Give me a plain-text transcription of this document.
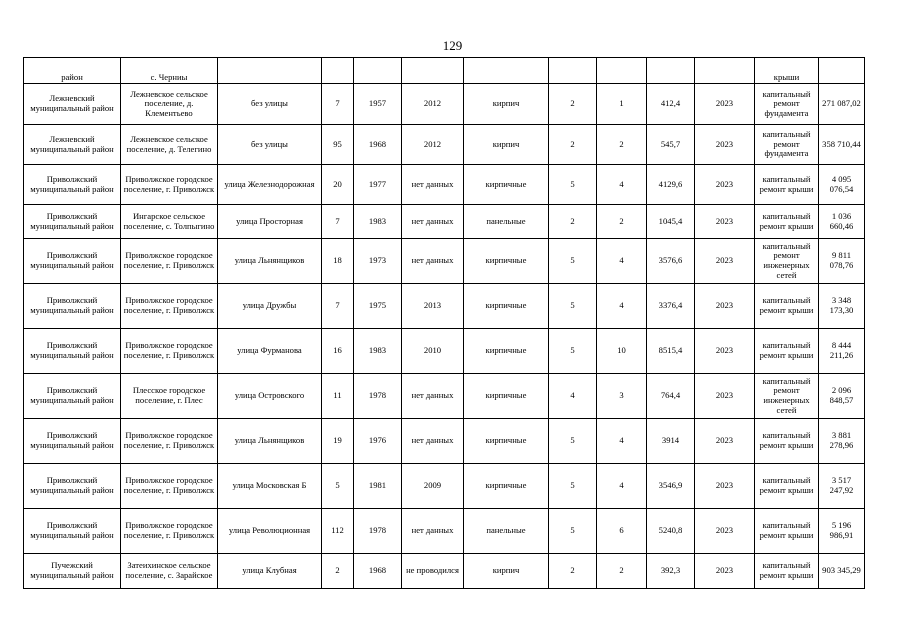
129
район	с. Черниы										крыши	

Лежневский муниципальный район	Лежневское сельское поселение, д. Клементьево	без улицы	7	1957	2012	кирпич	2	1	412,4	2023	капитальный ремонт фундамента	271 087,02

Лежневский муниципальный район	Лежневское сельское поселение, д. Телегино	без улицы	95	1968	2012	кирпич	2	2	545,7	2023	капитальный ремонт фундамента	358 710,44

Приволжский муниципальный район	Приволжское городское поселение, г. Приволжск	улица Железнодорожная	20	1977	нет данных	кирпичные	5	4	4129,6	2023	капитальный ремонт крыши	4 095 076,54

Приволжский муниципальный район	Ингарское сельское поселение, с. Толпыгино	улица Просторная	7	1983	нет данных	панельные	2	2	1045,4	2023	капитальный ремонт крыши	1 036 660,46

Приволжский муниципальный район	Приволжское городское поселение, г. Приволжск	улица Льнянщиков	18	1973	нет данных	кирпичные	5	4	3576,6	2023	капитальный ремонт инженерных сетей	9 811 078,76

Приволжский муниципальный район	Приволжское городское поселение, г. Приволжск	улица Дружбы	7	1975	2013	кирпичные	5	4	3376,4	2023	капитальный ремонт крыши	3 348 173,30

Приволжский муниципальный район	Приволжское городское поселение, г. Приволжск	улица Фурманова	16	1983	2010	кирпичные	5	10	8515,4	2023	капитальный ремонт крыши	8 444 211,26

Приволжский муниципальный район	Плесское городское поселение, г. Плес	улица Островского	11	1978	нет данных	кирпичные	4	3	764,4	2023	капитальный ремонт инженерных сетей	2 096 848,57

Приволжский муниципальный район	Приволжское городское поселение, г. Приволжск	улица Льнянщиков	19	1976	нет данных	кирпичные	5	4	3914	2023	капитальный ремонт крыши	3 881 278,96

Приволжский муниципальный район	Приволжское городское поселение, г. Приволжск	улица Московская Б	5	1981	2009	кирпичные	5	4	3546,9	2023	капитальный ремонт крыши	3 517 247,92

Приволжский муниципальный район	Приволжское городское поселение, г. Приволжск	улица Революционная	112	1978	нет данных	панельные	5	6	5240,8	2023	капитальный ремонт крыши	5 196 986,91

Пучежский муниципальный район	Затеихинское сельское поселение, с. Зарайское	улица Клубная	2	1968	не проводился	кирпич	2	2	392,3	2023	капитальный ремонт крыши	903 345,29
